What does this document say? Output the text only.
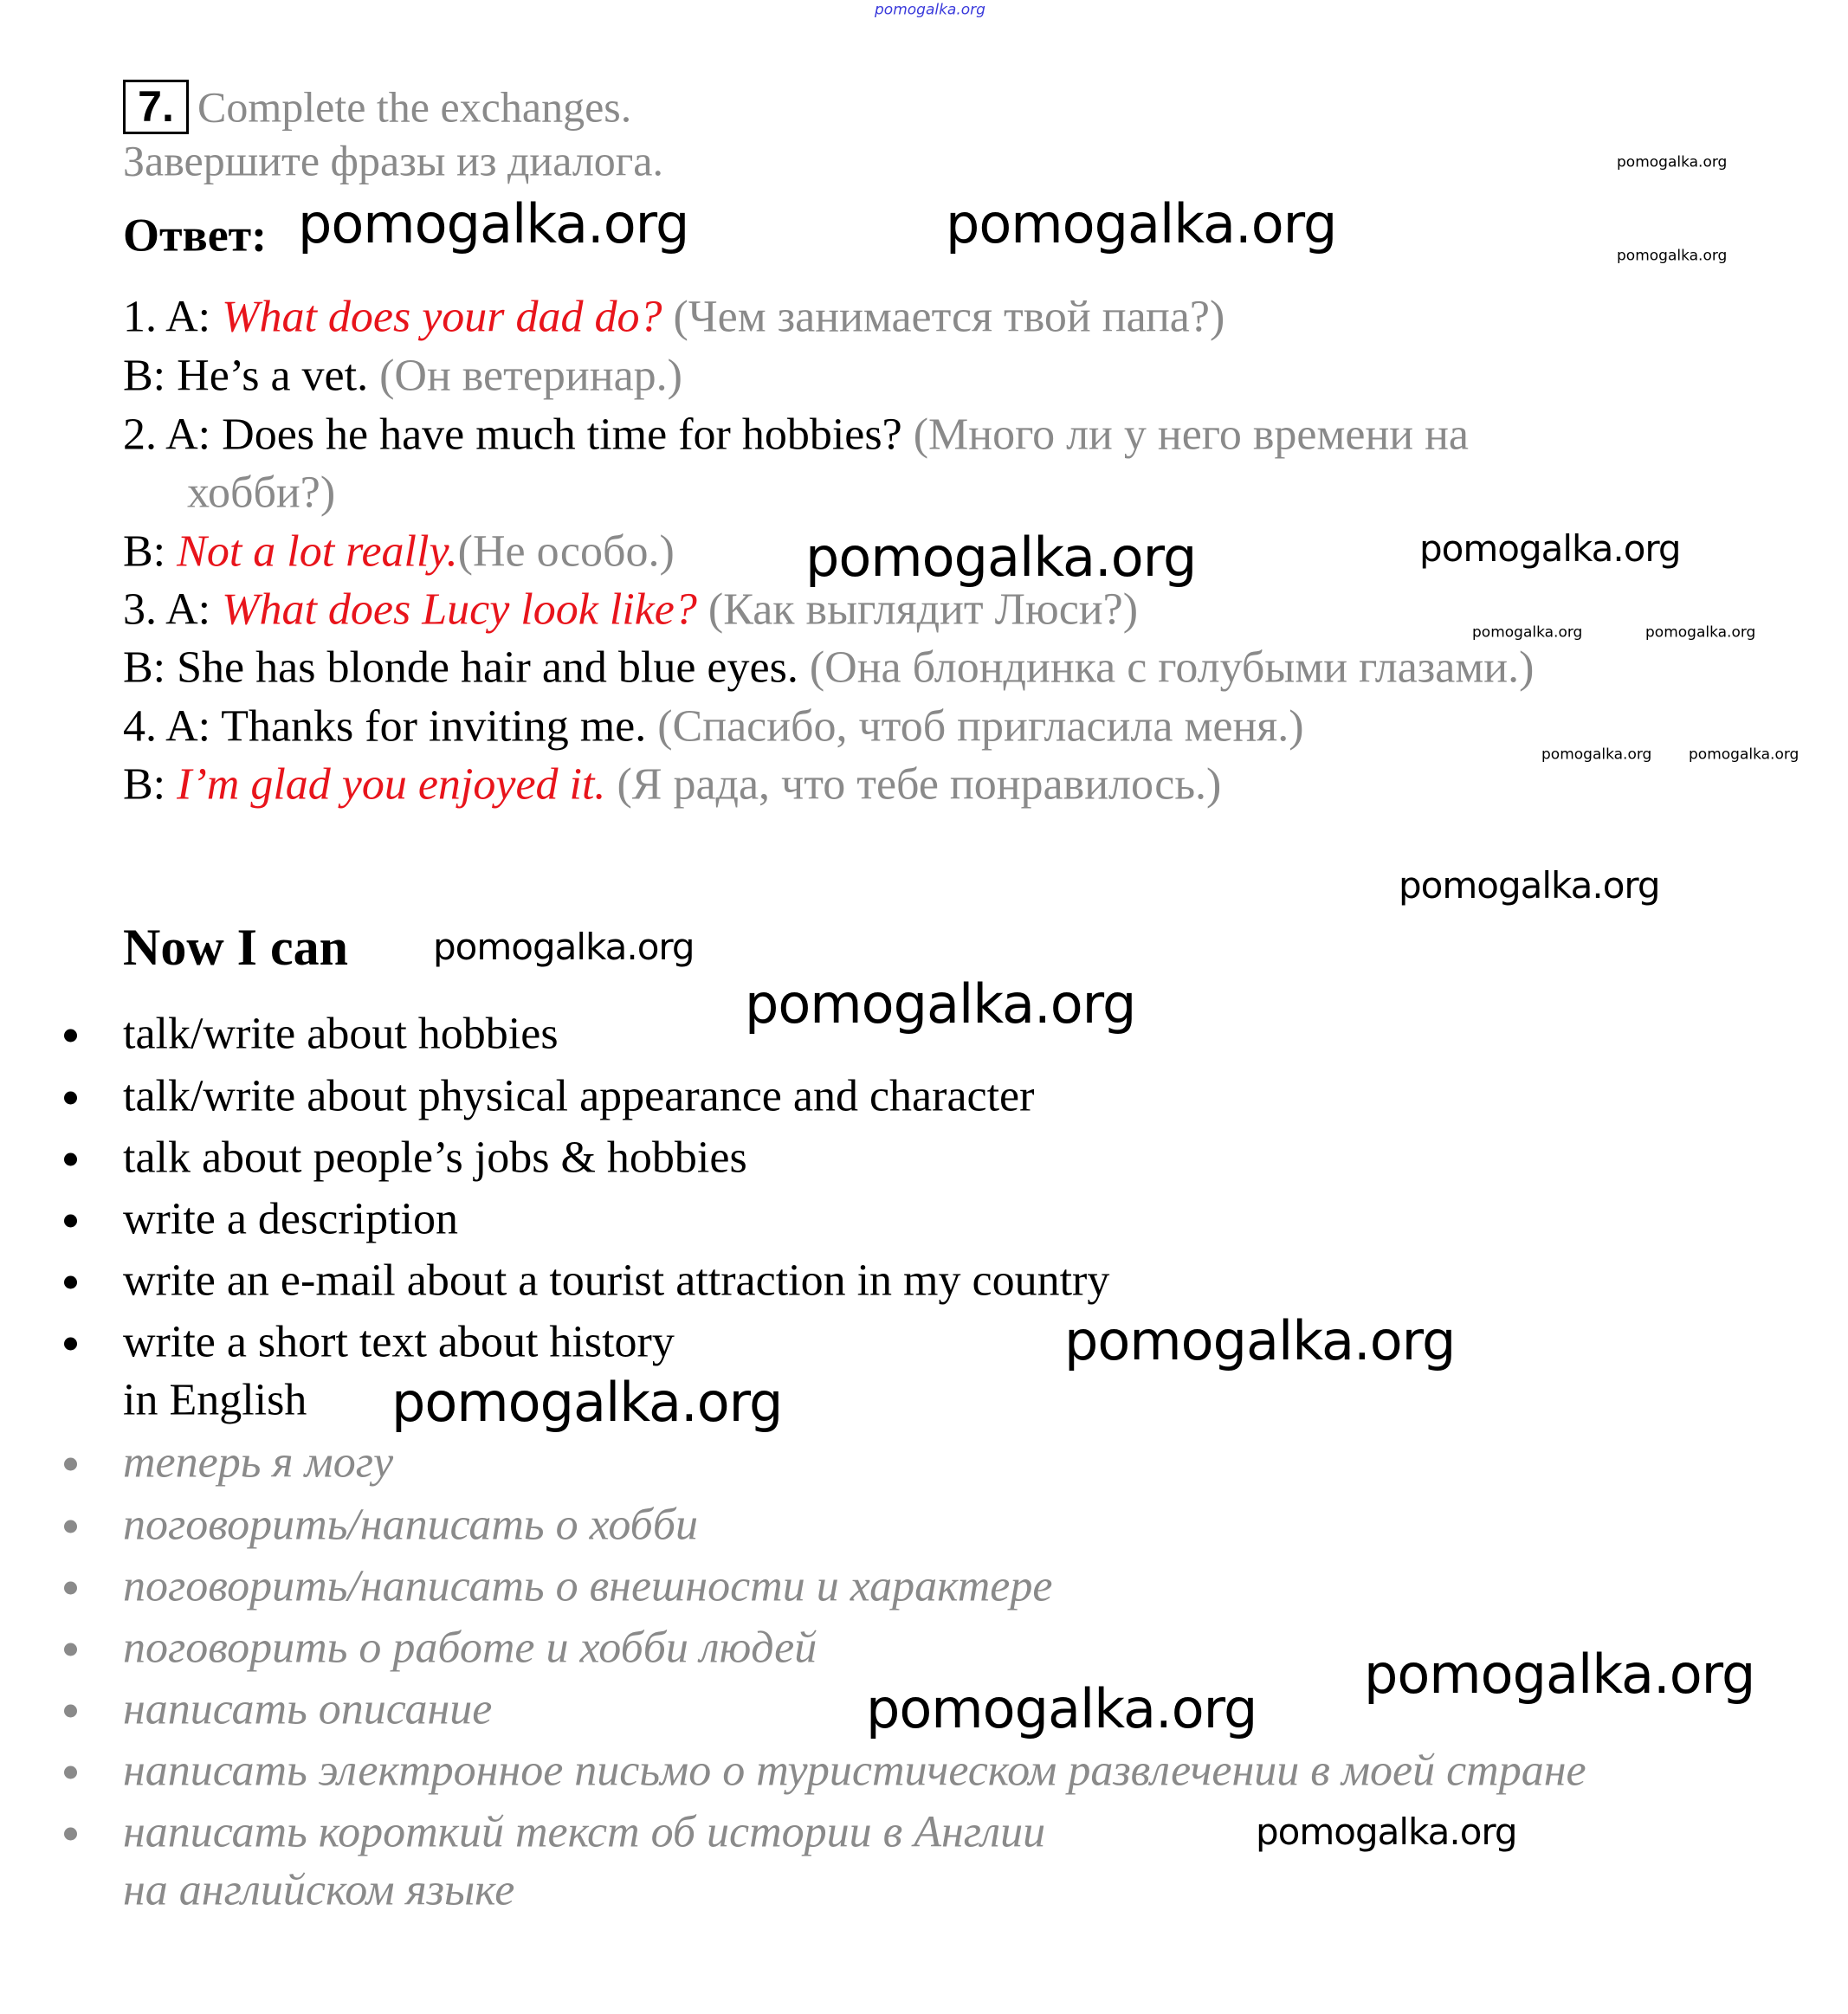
pomogalka.org
7. Complete the exchanges.
Завершите фразы из диалога.
Ответ:
1. A: What does your dad do? (Чем занимается твой папа?)
B: He’s a vet. (Он ветеринар.)
2. A: Does he have much time for hobbies? (Много ли у него времени на
хобби?)
B: Not a lot really.(Не особо.)
3. A: What does Lucy look like? (Как выглядит Люси?)
B: She has blonde hair and blue eyes. (Она блондинка с голубыми глазами.)
4. A: Thanks for inviting me. (Спасибо, чтоб пригласила меня.)
B: I’m glad you enjoyed it. (Я рада, что тебе понравилось.)
Now I can
talk/write about hobbies
talk/write about physical appearance and character
talk about people’s jobs & hobbies
write a description
write an e-mail about a tourist attraction in my country
write a short text about history
in English
теперь я могу
поговорить/написать о хобби
поговорить/написать о внешности и характере
поговорить о работе и хобби людей
написать описание
написать электронное письмо о туристическом развлечении в моей стране
написать короткий текст об истории в Англии
на английском языке
pomogalka.org
pomogalka.org
pomogalka.org	pomogalka.org
pomogalka.org	pomogalka.org
pomogalka.org	pomogalka.org
pomogalka.org	pomogalka.org
pomogalka.org
pomogalka.org
pomogalka.org
pomogalka.org
pomogalka.org
pomogalka.org
pomogalka.org
pomogalka.org
